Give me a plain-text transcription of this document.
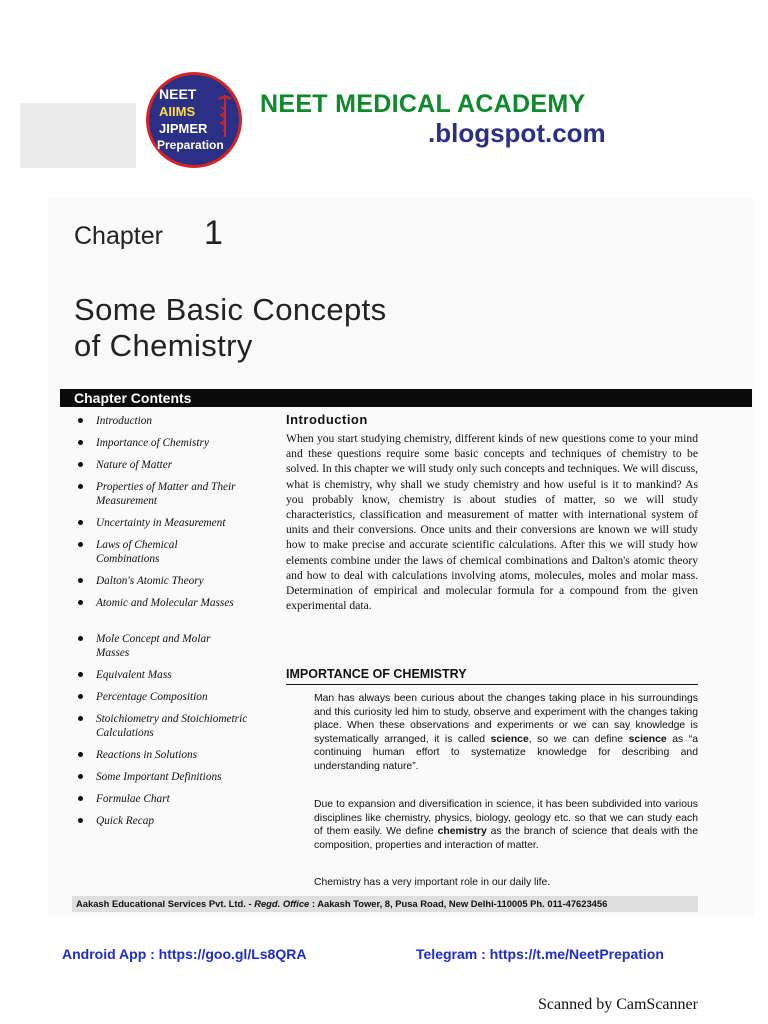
NEET
AIIMS
JIPMER
Preparation
NEET MEDICAL ACADEMY
.blogspot.com
Chapter 1
Some Basic Concepts
of Chemistry
Chapter Contents
Introduction
Importance of Chemistry
Nature of Matter
Properties of Matter and Their Measurement
Uncertainty in Measurement
Laws of Chemical Combinations
Dalton's Atomic Theory
Atomic and Molecular Masses
Mole Concept and Molar Masses
Equivalent Mass
Percentage Composition
Stoichiometry and Stoichiometric Calculations
Reactions in Solutions
Some Important Definitions
Formulae Chart
Quick Recap
Introduction

When you start studying chemistry, different kinds of new questions come to your mind and these questions require some basic concepts and techniques of chemistry to be solved. In this chapter we will study only such concepts and techniques. We will discuss, what is chemistry, why shall we study chemistry and how useful is it to mankind? As you probably know, chemistry is about studies of matter, so we will study characteristics, classification and measurement of matter with international system of units and their conversions. Once units and their conversions are known we will study how to make precise and accurate scientific calculations. After this we will study how elements combine under the laws of chemical combinations and Dalton's atomic theory and how to deal with calculations involving atoms, molecules, moles and molar mass. Determination of empirical and molecular formula for a compound from the given experimental data.

IMPORTANCE OF CHEMISTRY

Man has always been curious about the changes taking place in his surroundings and this curiosity led him to study, observe and experiment with the changes taking place. When these observations and experiments or we can say knowledge is systematically arranged, it is called science, so we can define science as “a continuing human effort to systematize knowledge for describing and understanding nature”.

Due to expansion and diversification in science, it has been subdivided into various disciplines like chemistry, physics, biology, geology etc. so that we can study each of them easily. We define chemistry as the branch of science that deals with the composition, properties and interaction of matter.

Chemistry has a very important role in our daily life.

Aakash Educational Services Pvt. Ltd. - Regd. Office : Aakash Tower, 8, Pusa Road, New Delhi-110005 Ph. 011-47623456
Android App : https://goo.gl/Ls8QRA	Telegram : https://t.me/NeetPrepation
Scanned by CamScanner
